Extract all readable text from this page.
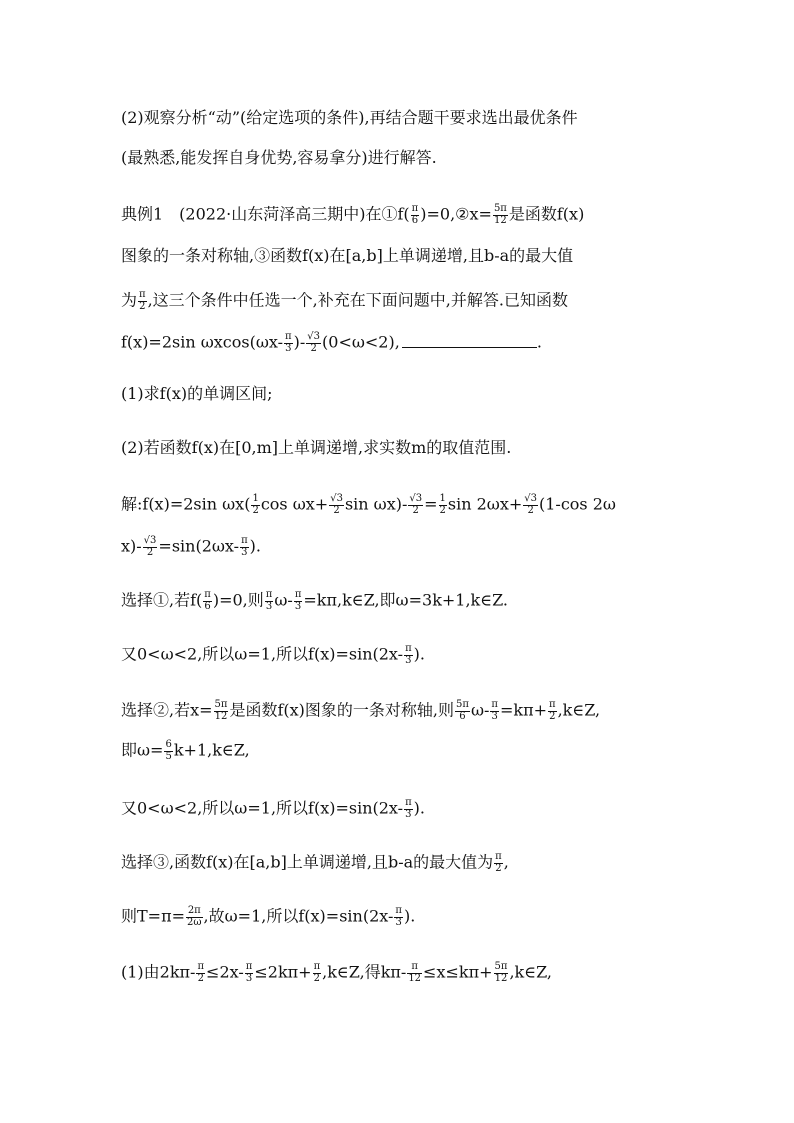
(2)观察分析“动”(给定选项的条件),再结合题干要求选出最优条件
(最熟悉,能发挥自身优势,容易拿分)进行解答.
典例1　(2022·山东菏泽高三期中)在①f( $\frac{\pi}{6}$ )=0,②x= $\frac{5\pi}{12}$ 是函数f(x)
图象的一条对称轴,③函数f(x)在[a,b]上单调递增,且b-a的最大值
为 $\frac{\pi}{2}$ ,这三个条件中任选一个,补充在下面问题中,并解答.已知函数
f(x)=2sin $\omega xcos(\omega x- \frac{\pi}{3}$ )- $\frac{√3}{2} (0<\omega<2)$,	.
(1)求f(x)的单调区间;
(2)若函数f(x)在[0,m]上单调递增,求实数m的取值范围.
解:f(x)=2sin $\omega x( \frac{1}{2}$ $\cos \omega x+ \frac{√3}{2}$ $\sin \omega x)- \frac{√3}{2} = \frac{1}{2}$ $\sin 2\omega x+ \frac{√3}{2} (1-\cos$ 2ω
$x)- \frac{√3}{2} =\sin(2\omega x- \frac{\pi}{3}$ ).
选择①,若$f( \frac{\pi}{6} )=0$,则 $\frac{\pi}{3} \omega- \frac{\pi}{3}$ =kπ,k∈Z,即ω=3k+1,k∈Z.
又0<ω<2,所以ω=1,所以$f(x)=\sin(2x- \frac{\pi}{3}$ ).
选择②,若$x= \frac{5\pi}{12}$ 是函数f(x)图象的一条对称轴,则 $\frac{5\pi}{6} \omega- \frac{\pi}{3} =k\pi+ \frac{\pi}{2}$ ,k∈Z,
即$\omega= \frac{6}{5}$ k+1,k∈Z,
又0<ω<2,所以ω=1,所以$f(x)=\sin(2x- \frac{\pi}{3}$ ).
选择③,函数f(x)在[a,b]上单调递增,且b-a的最大值为 $\frac{\pi}{2}$ ,
则$T=\pi= \frac{2\pi}{2\omega}$ ,故ω=1,所以$f(x)=\sin(2x- \frac{\pi}{3}$ ).
(1)由$2k\pi- \frac{\pi}{2} \le 2x- \frac{\pi}{3} \le 2k\pi+ \frac{\pi}{2}$ ,k∈Z,得$k\pi- \frac{\pi}{12} \le x\le k\pi+ \frac{5\pi}{12}$ ,k∈Z,
